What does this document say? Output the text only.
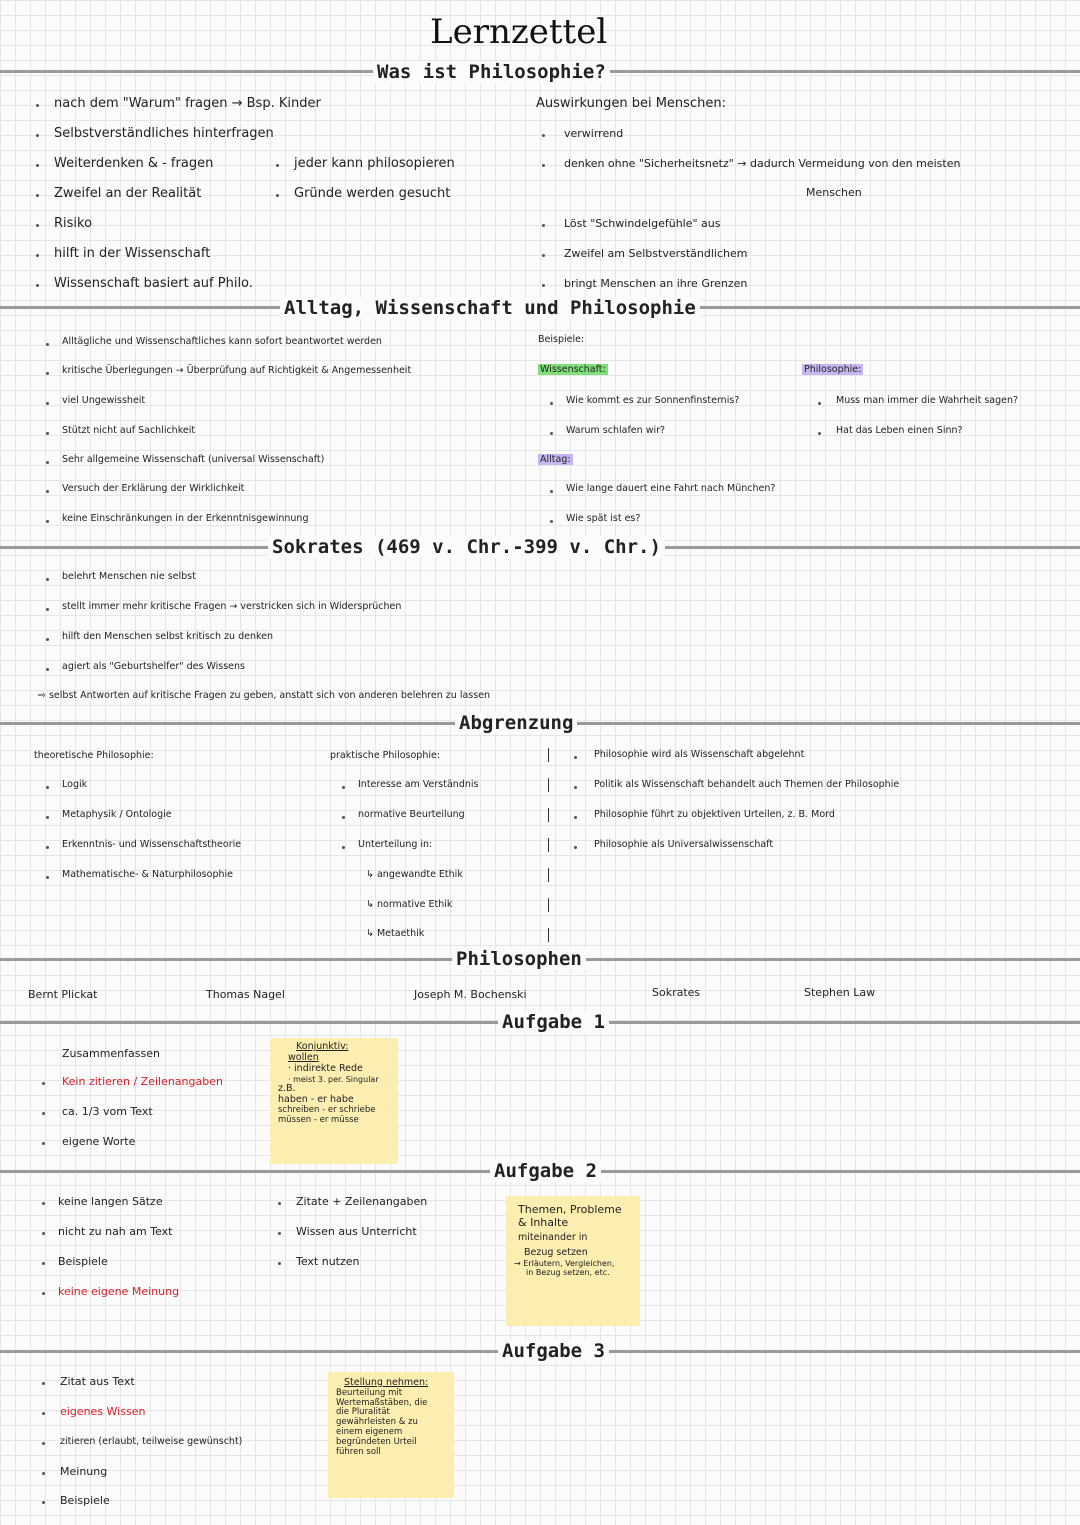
Lernzettel
Was ist Philosophie?
nach dem "Warum" fragen → Bsp. Kinder
Selbstverständliches hinterfragen
Weiterdenken & - fragen
Zweifel an der Realität
Risiko
hilft in der Wissenschaft
Wissenschaft basiert auf Philo.
jeder kann philosopieren
Gründe werden gesucht
Auswirkungen bei Menschen:
verwirrend
denken ohne "Sicherheitsnetz" → dadurch Vermeidung von den meisten
Menschen
Löst "Schwindelgefühle" aus
Zweifel am Selbstverständlichem
bringt Menschen an ihre Grenzen
Alltag, Wissenschaft und Philosophie
Alltägliche und Wissenschaftliches kann sofort beantwortet werden
kritische Überlegungen → Überprüfung auf Richtigkeit & Angemessenheit
viel Ungewissheit
Stützt nicht auf Sachlichkeit
Sehr allgemeine Wissenschaft (universal Wissenschaft)
Versuch der Erklärung der Wirklichkeit
keine Einschränkungen in der Erkenntnisgewinnung
Beispiele:
Wissenschaft:
Wie kommt es zur Sonnenfinsternis?
Warum schlafen wir?
Alltag:
Wie lange dauert eine Fahrt nach München?
Wie spät ist es?
Philosophie:
Muss man immer die Wahrheit sagen?
Hat das Leben einen Sinn?
Sokrates (469 v. Chr.-399 v. Chr.)
belehrt Menschen nie selbst
stellt immer mehr kritische Fragen → verstricken sich in Widersprüchen
hilft den Menschen selbst kritisch zu denken
agiert als "Geburtshelfer" des Wissens
⇨ selbst Antworten auf kritische Fragen zu geben, anstatt sich von anderen belehren zu lassen
Abgrenzung
theoretische Philosophie:
Logik
Metaphysik / Ontologie
Erkenntnis- und Wissenschaftstheorie
Mathematische- & Naturphilosophie
praktische Philosophie:
Interesse am Verständnis
normative Beurteilung
Unterteilung in:
↳ angewandte Ethik
↳ normative Ethik
↳ Metaethik
Philosophie wird als Wissenschaft abgelehnt
Politik als Wissenschaft behandelt auch Themen der Philosophie
Philosophie führt zu objektiven Urteilen, z. B. Mord
Philosophie als Universalwissenschaft
Philosophen
Bernt Plickat	Thomas Nagel	Joseph M. Bochenski	Sokrates	Stephen Law
Aufgabe 1
Zusammenfassen
Kein zitieren / Zeilenangaben
ca. 1/3 vom Text
eigene Worte
Konjunktiv:
wollen
· indirekte Rede
· meist 3. per. Singular
z.B.
haben - er habe
schreiben - er schriebe
müssen - er müsse
Aufgabe 2
keine langen Sätze
nicht zu nah am Text
Beispiele
keine eigene Meinung
Zitate + Zeilenangaben
Wissen aus Unterricht
Text nutzen
Themen, Probleme
& Inhalte
miteinander in
Bezug setzen
→ Erläutern, Vergleichen,
in Bezug setzen, etc.
Aufgabe 3
Zitat aus Text
eigenes Wissen
zitieren (erlaubt, teilweise gewünscht)
Meinung
Beispiele
Stellung nehmen:
Beurteilung mit
Wertemaßstäben, die
die Pluralität
gewährleisten & zu
einem eigenem
begründeten Urteil
führen soll
